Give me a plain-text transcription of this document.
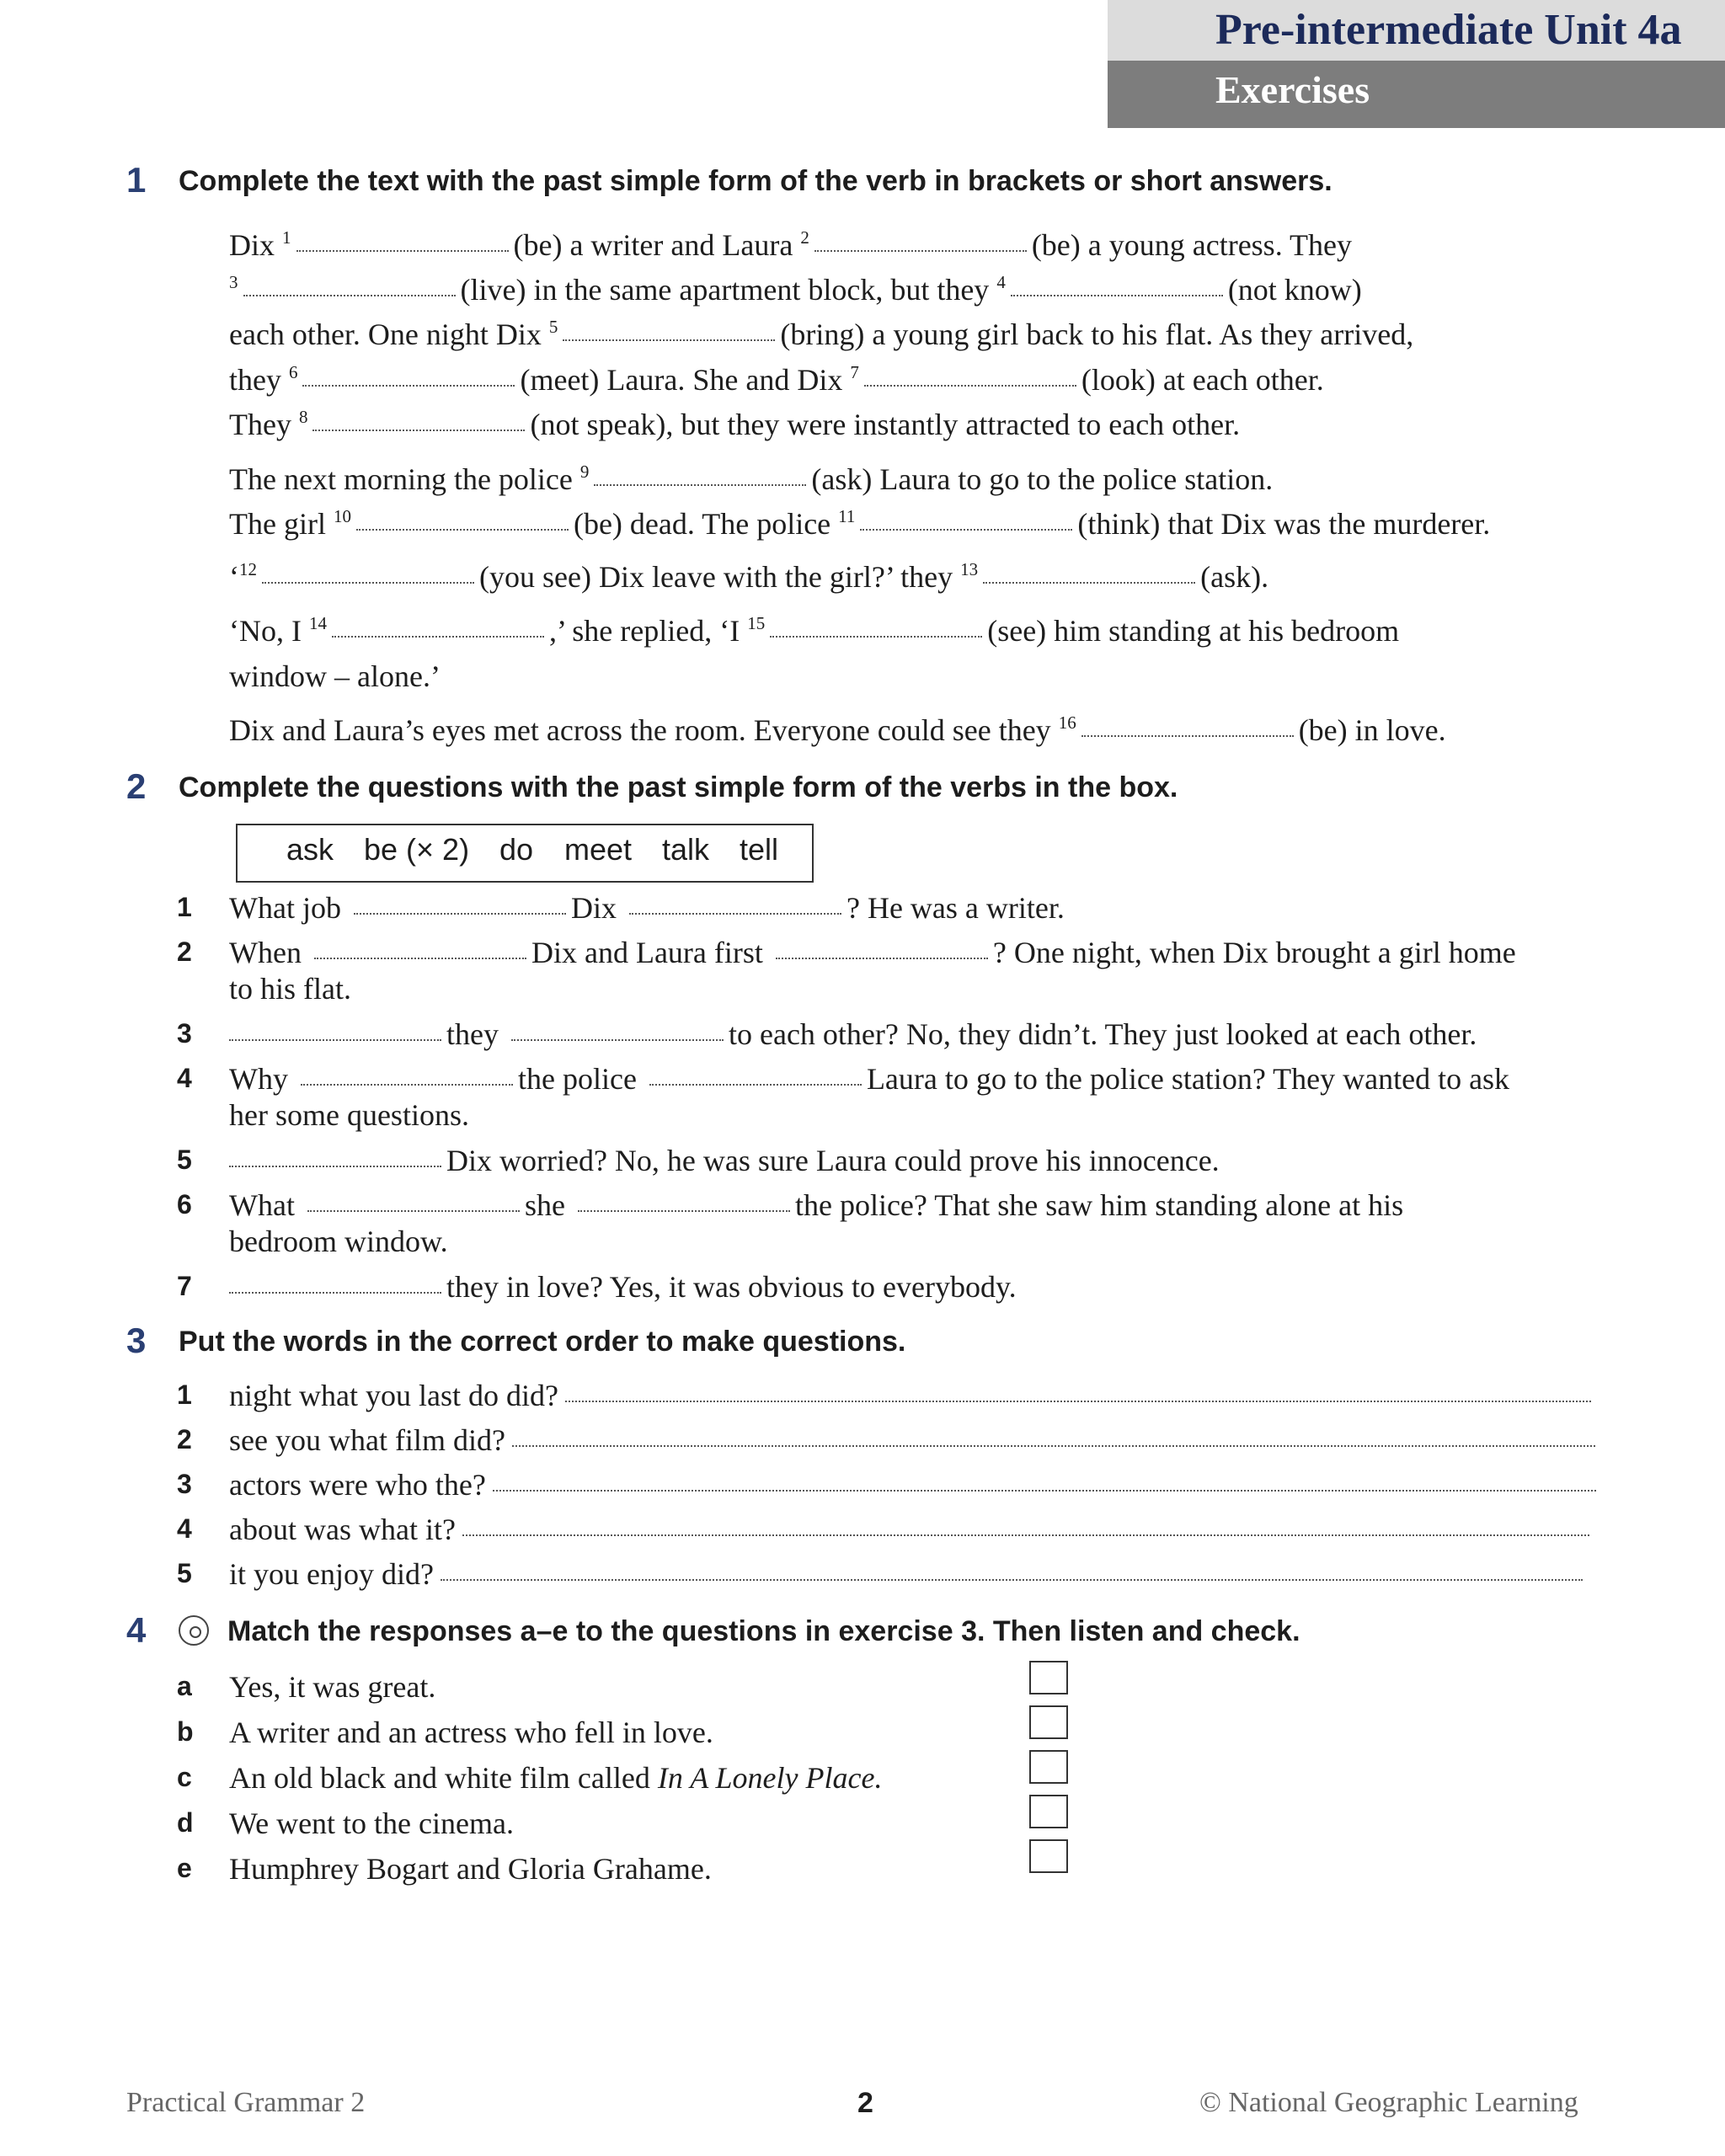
Pre-intermediate Unit 4a
Exercises
1 Complete the text with the past simple form of the verb in brackets or short answers.
Dix $^1$	(be) a writer and Laura $^2$	(be) a young actress. They
$^3$	(live) in the same apartment block, but they $^4$	(not know)
each other. One night Dix $^5$	(bring) a young girl back to his flat. As they arrived,
they $^6$	(meet) Laura. She and Dix $^7$	(look) at each other.
They $^8$	(not speak), but they were instantly attracted to each other.
The next morning the police $^9$	(ask) Laura to go to the police station.
The girl $^{10}$	(be) dead. The police $^{11}$	(think) that Dix was the murderer.
‘$^{12}$	(you see) Dix leave with the girl?’ they $^{13}$	(ask).
‘No, I $^{14}$	,’ she replied, ‘I $^{15}$	(see) him standing at his bedroom
window – alone.’
Dix and Laura’s eyes met across the room. Everyone could see they $^{16}$	(be) in love.
2 Complete the questions with the past simple form of the verbs in the box.
ask be (× 2) do meet talk tell
1 What job	Dix	? He was a writer.
2 When	Dix and Laura first	? One night, when Dix brought a girl home
to his flat.
3	they	to each other? No, they didn’t. They just looked at each other.
4 Why	the police	Laura to go to the police station? They wanted to ask
her some questions.
5	Dix worried? No, he was sure Laura could prove his innocence.
6 What	she	the police? That she saw him standing alone at his
bedroom window.
7	they in love? Yes, it was obvious to everybody.
3 Put the words in the correct order to make questions.
1 night what you last do did?
2 see you what film did?
3 actors were who the?
4 about was what it?
5 it you enjoy did?
4	Match the responses a–e to the questions in exercise 3. Then listen and check.
a Yes, it was great.
b A writer and an actress who fell in love.
c An old black and white film called In A Lonely Place.
d We went to the cinema.
e Humphrey Bogart and Gloria Grahame.
Practical Grammar 2	2	© National Geographic Learning
